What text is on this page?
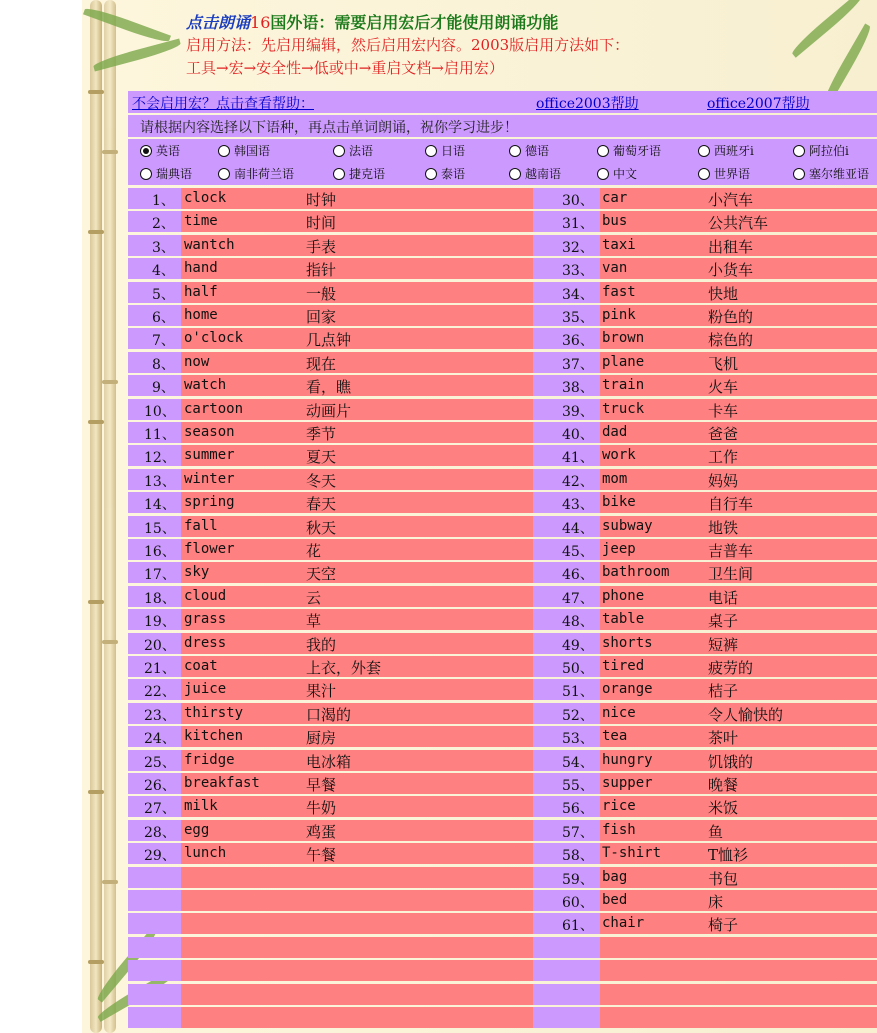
点击朗诵16国外语：需要启用宏后才能使用朗诵功能
启用方法：先启用编辑，然后启用宏内容。2003版启用方法如下：
工具→宏→安全性→低或中→重启文档→启用宏）
不会启用宏？点击查看帮助：	office2003帮助	office2007帮助
请根据内容选择以下语种，再点击单词朗诵，祝你学习进步！
英语	韩国语	法语	日语	德语	葡萄牙语	西班牙i	阿拉伯i
瑞典语	南非荷兰语	捷克语	泰语	越南语	中文	世界语	塞尔维亚语
1、 clock	时钟	30、 car	小汽车
2、 time	时间	31、 bus	公共汽车
3、 wantch	手表	32、 taxi	出租车
4、 hand	指针	33、 van	小货车
5、 half	一般	34、 fast	快地
6、 home	回家	35、 pink	粉色的
7、 o'clock	几点钟	36、 brown	棕色的
8、 now	现在	37、 plane	飞机
9、 watch	看，瞧	38、 train	火车
10、 cartoon	动画片	39、 truck	卡车
11、 season	季节	40、 dad	爸爸
12、 summer	夏天	41、 work	工作
13、 winter	冬天	42、 mom	妈妈
14、 spring	春天	43、 bike	自行车
15、 fall	秋天	44、 subway	地铁
16、 flower	花	45、 jeep	吉普车
17、 sky	天空	46、 bathroom	卫生间
18、 cloud	云	47、 phone	电话
19、 grass	草	48、 table	桌子
20、 dress	我的	49、 shorts	短裤
21、 coat	上衣，外套	50、 tired	疲劳的
22、 juice	果汁	51、 orange	桔子
23、 thirsty	口渴的	52、 nice	令人愉快的
24、 kitchen	厨房	53、 tea	茶叶
25、 fridge	电冰箱	54、 hungry	饥饿的
26、 breakfast	早餐	55、 supper	晚餐
27、 milk	牛奶	56、 rice	米饭
28、 egg	鸡蛋	57、 fish	鱼
29、 lunch	午餐	58、 T-shirt	T恤衫
59、 bag	书包
60、 bed	床
61、 chair	椅子
